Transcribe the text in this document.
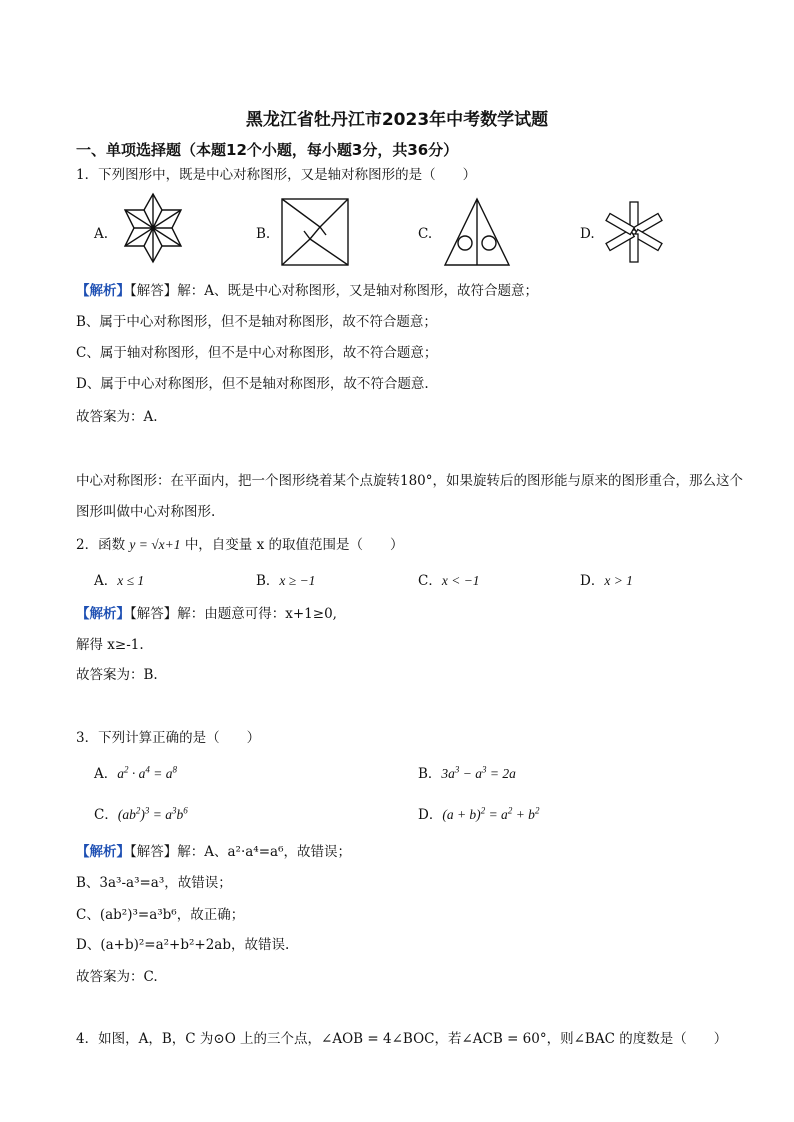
黑龙江省牡丹江市2023年中考数学试题
一、单项选择题（本题12个小题，每小题3分，共36分）
1．下列图形中，既是中心对称图形，又是轴对称图形的是（　　）
A.	B.	C.	D.
【解析】【解答】解：A、既是中心对称图形，又是轴对称图形，故符合题意；
B、属于中心对称图形，但不是轴对称图形，故不符合题意；
C、属于轴对称图形，但不是中心对称图形，故不符合题意；
D、属于中心对称图形，但不是轴对称图形，故不符合题意.
故答案为：A.
中心对称图形：在平面内，把一个图形绕着某个点旋转180°，如果旋转后的图形能与原来的图形重合，那么这个图形叫做中心对称图形.
2．函数 y = √x+1 中，自变量 x 的取值范围是（　　）
A．x ≤ 1	B．x ≥ −1	C．x < −1	D．x > 1
【解析】【解答】解：由题意可得：x+1≥0,
解得 x≥-1.
故答案为：B.
3．下列计算正确的是（　　）
A．$a^2 \cdot a^4 = a^8$	B．$3a^3 - a^3 = 2a$
C．$(ab^2)^3 = a^3b^6$	D．$(a + b)^2 = a^2 + b^2$
【解析】【解答】解：A、a²·a⁴=a⁶，故错误；
B、3a³-a³=a³，故错误；
C、(ab²)³=a³b⁶，故正确；
D、(a+b)²=a²+b²+2ab，故错误.
故答案为：C.
4．如图，A，B，C 为⊙O 上的三个点，∠AOB = 4∠BOC，若∠ACB = 60°，则∠BAC 的度数是（　　）
